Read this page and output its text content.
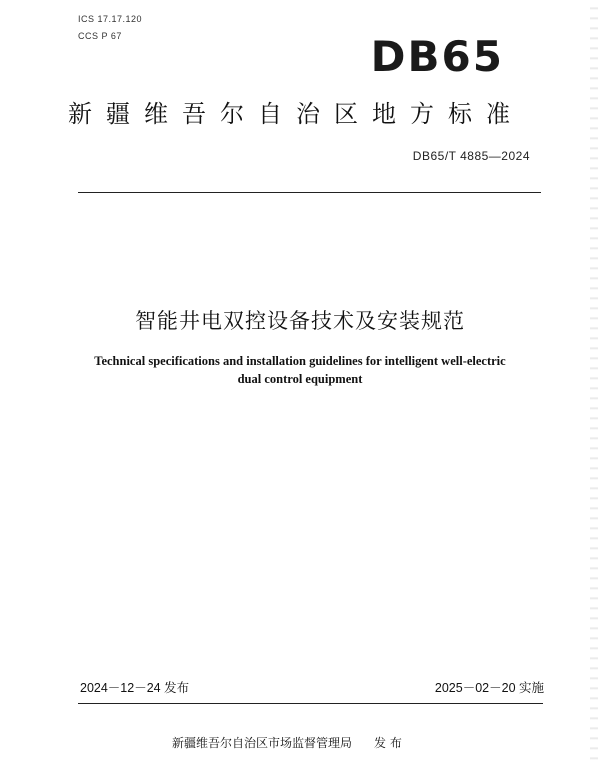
ICS 17.17.120
CCS P 67	DB65
新疆维吾尔自治区地方标准
DB65/T 4885—2024
智能井电双控设备技术及安装规范
Technical specifications and installation guidelines for intelligent well-electric
dual control equipment
2024－12－24 发布	2025－02－20 实施
新疆维吾尔自治区市场监督管理局 发 布
